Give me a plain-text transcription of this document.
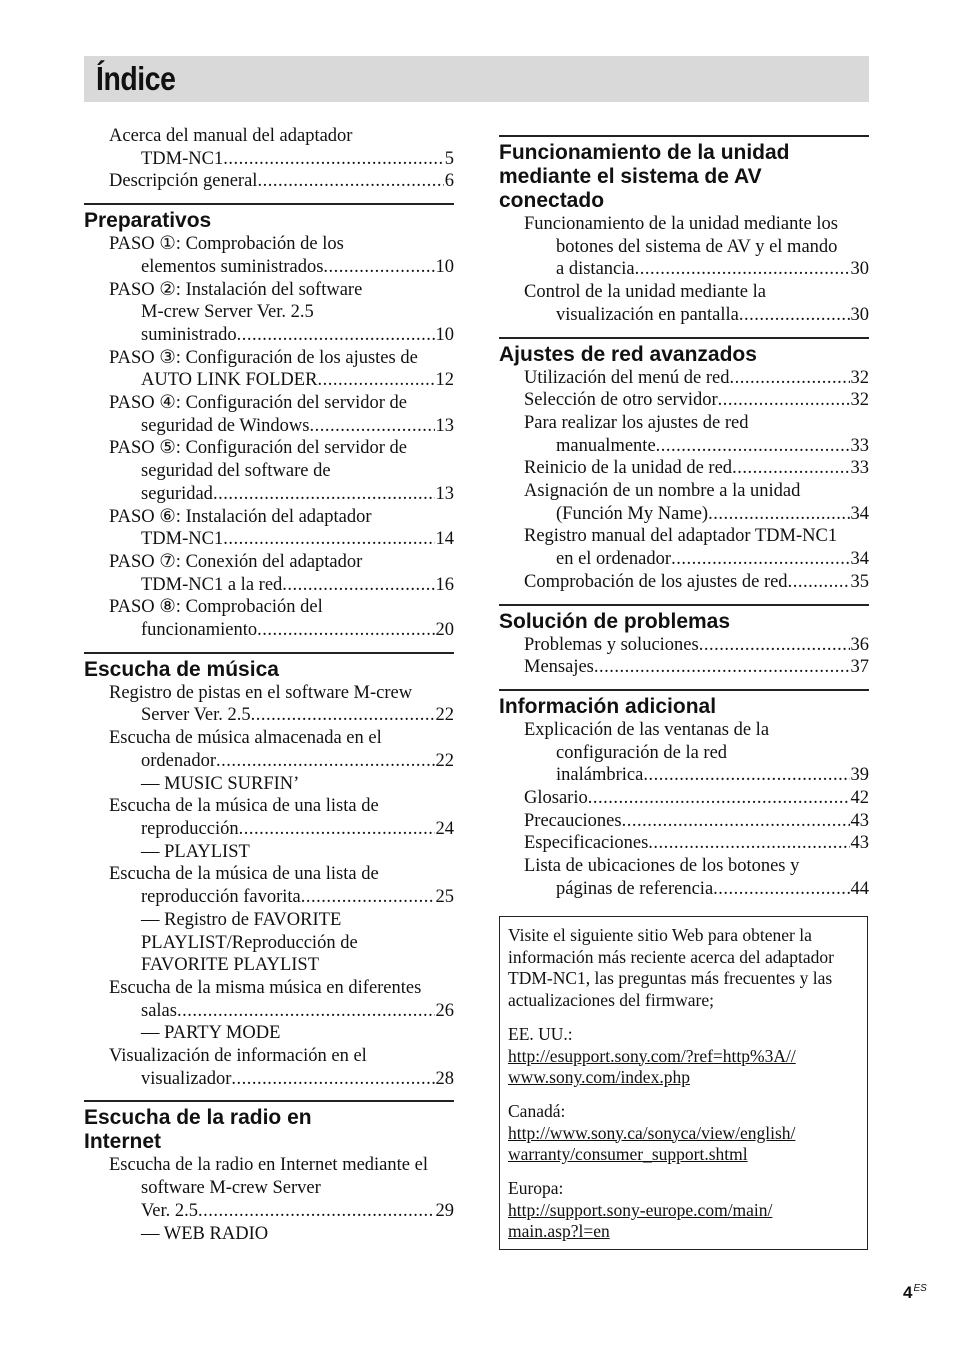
Índice
Acerca del manual del adaptador
TDM-NC1 .....	5
Descripción general .....	6
Preparativos
PASO ①: Comprobación de los
elementos suministrados .....	10
PASO ②: Instalación del software
M-crew Server Ver. 2.5
suministrado .....	10
PASO ③: Configuración de los ajustes de
AUTO LINK FOLDER .....	12
PASO ④: Configuración del servidor de
seguridad de Windows .....	13
PASO ⑤: Configuración del servidor de
seguridad del software de
seguridad .....	13
PASO ⑥: Instalación del adaptador
TDM-NC1 .....	14
PASO ⑦: Conexión del adaptador
TDM-NC1 a la red .....	16
PASO ⑧: Comprobación del
funcionamiento .....	20
Escucha de música
Registro de pistas en el software M-crew
Server Ver. 2.5 .....	22
Escucha de música almacenada en el
ordenador .....	22
— MUSIC SURFIN’
Escucha de la música de una lista de
reproducción .....	24
— PLAYLIST
Escucha de la música de una lista de
reproducción favorita .....	25
— Registro de FAVORITE
PLAYLIST/Reproducción de
FAVORITE PLAYLIST
Escucha de la misma música en diferentes
salas .....	26
— PARTY MODE
Visualización de información en el
visualizador .....	28
Escucha de la radio en
Internet
Escucha de la radio en Internet mediante el
software M-crew Server
Ver. 2.5 .....	29
— WEB RADIO
Funcionamiento de la unidad
mediante el sistema de AV
conectado
Funcionamiento de la unidad mediante los
botones del sistema de AV y el mando
a distancia .....	30
Control de la unidad mediante la
visualización en pantalla .....	30
Ajustes de red avanzados
Utilización del menú de red .....	32
Selección de otro servidor .....	32
Para realizar los ajustes de red
manualmente .....	33
Reinicio de la unidad de red .....	33
Asignación de un nombre a la unidad
(Función My Name) .....	34
Registro manual del adaptador TDM-NC1
en el ordenador .....	34
Comprobación de los ajustes de red .....	35
Solución de problemas
Problemas y soluciones .....	36
Mensajes .....	37
Información adicional
Explicación de las ventanas de la
configuración de la red
inalámbrica .....	39
Glosario .....	42
Precauciones .....	43
Especificaciones .....	43
Lista de ubicaciones de los botones y
páginas de referencia .....	44

Visite el siguiente sitio Web para obtener la información más reciente acerca del adaptador TDM-NC1, las preguntas más frecuentes y las actualizaciones del firmware;

EE. UU.:
http://esupport.sony.com/?ref=http%3A//
www.sony.com/index.php

Canadá:
http://www.sony.ca/sonyca/view/english/
warranty/consumer_support.shtml

Europa:
http://support.sony-europe.com/main/
main.asp?l=en

$4^{ES}$
